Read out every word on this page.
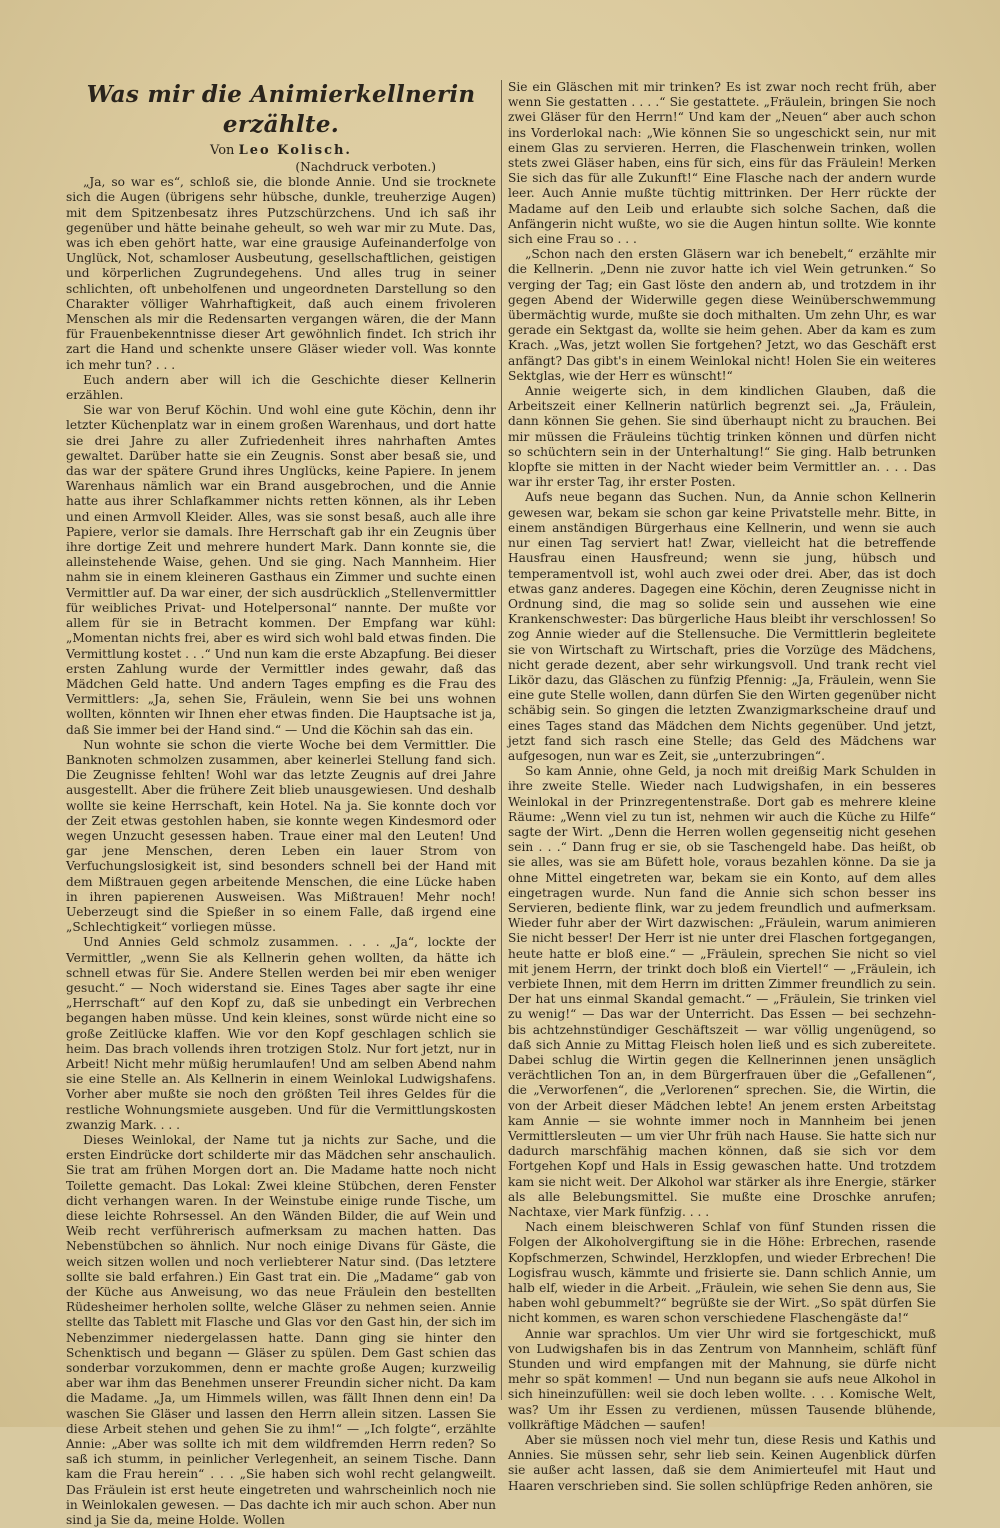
Was mir die Animierkellnerin erzählte.
Von Leo Kolisch.

(Nachdruck verboten.)

„Ja, so war es“, schloß sie, die blonde Annie. Und sie trocknete sich die Augen (übrigens sehr hübsche, dunkle, treuherzige Augen) mit dem Spitzenbesatz ihres Putzschürzchens. Und ich saß ihr gegenüber und hätte beinahe geheult, so weh war mir zu Mute. Das, was ich eben gehört hatte, war eine grausige Aufeinanderfolge von Unglück, Not, schamloser Ausbeutung, gesellschaftlichen, geistigen und körperlichen Zugrundegehens. Und alles trug in seiner schlichten, oft unbeholfenen und ungeordneten Darstellung so den Charakter völliger Wahrhaftigkeit, daß auch einem frivoleren Menschen als mir die Redensarten vergangen wären, die der Mann für Frauenbekenntnisse dieser Art gewöhnlich findet. Ich strich ihr zart die Hand und schenkte unsere Gläser wieder voll. Was konnte ich mehr tun? . . .

Euch andern aber will ich die Geschichte dieser Kellnerin erzählen.

Sie war von Beruf Köchin. Und wohl eine gute Köchin, denn ihr letzter Küchenplatz war in einem großen Warenhaus, und dort hatte sie drei Jahre zu aller Zufriedenheit ihres nahrhaften Amtes gewaltet. Darüber hatte sie ein Zeugnis. Sonst aber besaß sie, und das war der spätere Grund ihres Unglücks, keine Papiere. In jenem Warenhaus nämlich war ein Brand ausgebrochen, und die Annie hatte aus ihrer Schlafkammer nichts retten können, als ihr Leben und einen Armvoll Kleider. Alles, was sie sonst besaß, auch alle ihre Papiere, verlor sie damals. Ihre Herrschaft gab ihr ein Zeugnis über ihre dortige Zeit und mehrere hundert Mark. Dann konnte sie, die alleinstehende Waise, gehen. Und sie ging. Nach Mannheim. Hier nahm sie in einem kleineren Gasthaus ein Zimmer und suchte einen Vermittler auf. Da war einer, der sich ausdrücklich „Stellenvermittler für weibliches Privat- und Hotelpersonal“ nannte. Der mußte vor allem für sie in Betracht kommen. Der Empfang war kühl: „Momentan nichts frei, aber es wird sich wohl bald etwas finden. Die Vermittlung kostet . . .“ Und nun kam die erste Abzapfung. Bei dieser ersten Zahlung wurde der Vermittler indes gewahr, daß das Mädchen Geld hatte. Und andern Tages empfing es die Frau des Vermittlers: „Ja, sehen Sie, Fräulein, wenn Sie bei uns wohnen wollten, könnten wir Ihnen eher etwas finden. Die Hauptsache ist ja, daß Sie immer bei der Hand sind.“ — Und die Köchin sah das ein.

Nun wohnte sie schon die vierte Woche bei dem Vermittler. Die Banknoten schmolzen zusammen, aber keinerlei Stellung fand sich. Die Zeugnisse fehlten! Wohl war das letzte Zeugnis auf drei Jahre ausgestellt. Aber die frühere Zeit blieb unausgewiesen. Und deshalb wollte sie keine Herrschaft, kein Hotel. Na ja. Sie konnte doch vor der Zeit etwas gestohlen haben, sie konnte wegen Kindesmord oder wegen Unzucht gesessen haben. Traue einer mal den Leuten! Und gar jene Menschen, deren Leben ein lauer Strom von Verfuchungslosigkeit ist, sind besonders schnell bei der Hand mit dem Mißtrauen gegen arbeitende Menschen, die eine Lücke haben in ihren papierenen Ausweisen. Was Mißtrauen! Mehr noch! Ueberzeugt sind die Spießer in so einem Falle, daß irgend eine „Schlechtigkeit“ vorliegen müsse.

Und Annies Geld schmolz zusammen. . . . „Ja“, lockte der Vermittler, „wenn Sie als Kellnerin gehen wollten, da hätte ich schnell etwas für Sie. Andere Stellen werden bei mir eben weniger gesucht.“ — Noch widerstand sie. Eines Tages aber sagte ihr eine „Herrschaft“ auf den Kopf zu, daß sie unbedingt ein Verbrechen begangen haben müsse. Und kein kleines, sonst würde nicht eine so große Zeitlücke klaffen. Wie vor den Kopf geschlagen schlich sie heim. Das brach vollends ihren trotzigen Stolz. Nur fort jetzt, nur in Arbeit! Nicht mehr müßig herumlaufen! Und am selben Abend nahm sie eine Stelle an. Als Kellnerin in einem Weinlokal Ludwigshafens. Vorher aber mußte sie noch den größten Teil ihres Geldes für die restliche Wohnungsmiete ausgeben. Und für die Vermittlungskosten zwanzig Mark. . . .

Dieses Weinlokal, der Name tut ja nichts zur Sache, und die ersten Eindrücke dort schilderte mir das Mädchen sehr anschaulich. Sie trat am frühen Morgen dort an. Die Madame hatte noch nicht Toilette gemacht. Das Lokal: Zwei kleine Stübchen, deren Fenster dicht verhangen waren. In der Weinstube einige runde Tische, um diese leichte Rohrsessel. An den Wänden Bilder, die auf Wein und Weib recht verführerisch aufmerksam zu machen hatten. Das Nebenstübchen so ähnlich. Nur noch einige Divans für Gäste, die weich sitzen wollen und noch verliebterer Natur sind. (Das letztere sollte sie bald erfahren.) Ein Gast trat ein. Die „Madame“ gab von der Küche aus Anweisung, wo das neue Fräulein den bestellten Rüdesheimer herholen sollte, welche Gläser zu nehmen seien. Annie stellte das Tablett mit Flasche und Glas vor den Gast hin, der sich im Nebenzimmer niedergelassen hatte. Dann ging sie hinter den Schenktisch und begann — Gläser zu spülen. Dem Gast schien das sonderbar vorzukommen, denn er machte große Augen; kurzweilig aber war ihm das Benehmen unserer Freundin sicher nicht. Da kam die Madame. „Ja, um Himmels willen, was fällt Ihnen denn ein! Da waschen Sie Gläser und lassen den Herrn allein sitzen. Lassen Sie diese Arbeit stehen und gehen Sie zu ihm!“ — „Ich folgte“, erzählte Annie: „Aber was sollte ich mit dem wildfremden Herrn reden? So saß ich stumm, in peinlicher Verlegenheit, an seinem Tische. Dann kam die Frau herein“ . . . „Sie haben sich wohl recht gelangweilt. Das Fräulein ist erst heute eingetreten und wahrscheinlich noch nie in Weinlokalen gewesen. — Das dachte ich mir auch schon. Aber nun sind ja Sie da, meine Holde. Wollen

Sie ein Gläschen mit mir trinken? Es ist zwar noch recht früh, aber wenn Sie gestatten . . . .“ Sie gestattete. „Fräulein, bringen Sie noch zwei Gläser für den Herrn!“ Und kam der „Neuen“ aber auch schon ins Vorderlokal nach: „Wie können Sie so ungeschickt sein, nur mit einem Glas zu servieren. Herren, die Flaschenwein trinken, wollen stets zwei Gläser haben, eins für sich, eins für das Fräulein! Merken Sie sich das für alle Zukunft!“ Eine Flasche nach der andern wurde leer. Auch Annie mußte tüchtig mittrinken. Der Herr rückte der Madame auf den Leib und erlaubte sich solche Sachen, daß die Anfängerin nicht wußte, wo sie die Augen hintun sollte. Wie konnte sich eine Frau so . . .

„Schon nach den ersten Gläsern war ich benebelt,“ erzählte mir die Kellnerin. „Denn nie zuvor hatte ich viel Wein getrunken.“ So verging der Tag; ein Gast löste den andern ab, und trotzdem in ihr gegen Abend der Widerwille gegen diese Weinüberschwemmung übermächtig wurde, mußte sie doch mithalten. Um zehn Uhr, es war gerade ein Sektgast da, wollte sie heim gehen. Aber da kam es zum Krach. „Was, jetzt wollen Sie fortgehen? Jetzt, wo das Geschäft erst anfängt? Das gibt's in einem Weinlokal nicht! Holen Sie ein weiteres Sektglas, wie der Herr es wünscht!“

Annie weigerte sich, in dem kindlichen Glauben, daß die Arbeitszeit einer Kellnerin natürlich begrenzt sei. „Ja, Fräulein, dann können Sie gehen. Sie sind überhaupt nicht zu brauchen. Bei mir müssen die Fräuleins tüchtig trinken können und dürfen nicht so schüchtern sein in der Unterhaltung!“ Sie ging. Halb betrunken klopfte sie mitten in der Nacht wieder beim Vermittler an. . . . Das war ihr erster Tag, ihr erster Posten.

Aufs neue begann das Suchen. Nun, da Annie schon Kellnerin gewesen war, bekam sie schon gar keine Privatstelle mehr. Bitte, in einem anständigen Bürgerhaus eine Kellnerin, und wenn sie auch nur einen Tag serviert hat! Zwar, vielleicht hat die betreffende Hausfrau einen Hausfreund; wenn sie jung, hübsch und temperamentvoll ist, wohl auch zwei oder drei. Aber, das ist doch etwas ganz anderes. Dagegen eine Köchin, deren Zeugnisse nicht in Ordnung sind, die mag so solide sein und aussehen wie eine Krankenschwester: Das bürgerliche Haus bleibt ihr verschlossen! So zog Annie wieder auf die Stellensuche. Die Vermittlerin begleitete sie von Wirtschaft zu Wirtschaft, pries die Vorzüge des Mädchens, nicht gerade dezent, aber sehr wirkungsvoll. Und trank recht viel Likör dazu, das Gläschen zu fünfzig Pfennig: „Ja, Fräulein, wenn Sie eine gute Stelle wollen, dann dürfen Sie den Wirten gegenüber nicht schäbig sein. So gingen die letzten Zwanzigmarkscheine drauf und eines Tages stand das Mädchen dem Nichts gegenüber. Und jetzt, jetzt fand sich rasch eine Stelle; das Geld des Mädchens war aufgesogen, nun war es Zeit, sie „unterzubringen“.

So kam Annie, ohne Geld, ja noch mit dreißig Mark Schulden in ihre zweite Stelle. Wieder nach Ludwigshafen, in ein besseres Weinlokal in der Prinzregentenstraße. Dort gab es mehrere kleine Räume: „Wenn viel zu tun ist, nehmen wir auch die Küche zu Hilfe“ sagte der Wirt. „Denn die Herren wollen gegenseitig nicht gesehen sein . . .“ Dann frug er sie, ob sie Taschengeld habe. Das heißt, ob sie alles, was sie am Büfett hole, voraus bezahlen könne. Da sie ja ohne Mittel eingetreten war, bekam sie ein Konto, auf dem alles eingetragen wurde. Nun fand die Annie sich schon besser ins Servieren, bediente flink, war zu jedem freundlich und aufmerksam. Wieder fuhr aber der Wirt dazwischen: „Fräulein, warum animieren Sie nicht besser! Der Herr ist nie unter drei Flaschen fortgegangen, heute hatte er bloß eine.“ — „Fräulein, sprechen Sie nicht so viel mit jenem Herrn, der trinkt doch bloß ein Viertel!“ — „Fräulein, ich verbiete Ihnen, mit dem Herrn im dritten Zimmer freundlich zu sein. Der hat uns einmal Skandal gemacht.“ — „Fräulein, Sie trinken viel zu wenig!“ — Das war der Unterricht. Das Essen — bei sechzehn- bis achtzehnstündiger Geschäftszeit — war völlig ungenügend, so daß sich Annie zu Mittag Fleisch holen ließ und es sich zubereitete. Dabei schlug die Wirtin gegen die Kellnerinnen jenen unsäglich verächtlichen Ton an, in dem Bürgerfrauen über die „Gefallenen“, die „Verworfenen“, die „Verlorenen“ sprechen. Sie, die Wirtin, die von der Arbeit dieser Mädchen lebte! An jenem ersten Arbeitstag kam Annie — sie wohnte immer noch in Mannheim bei jenen Vermittlersleuten — um vier Uhr früh nach Hause. Sie hatte sich nur dadurch marschfähig machen können, daß sie sich vor dem Fortgehen Kopf und Hals in Essig gewaschen hatte. Und trotzdem kam sie nicht weit. Der Alkohol war stärker als ihre Energie, stärker als alle Belebungsmittel. Sie mußte eine Droschke anrufen; Nachtaxe, vier Mark fünfzig. . . .

Nach einem bleischweren Schlaf von fünf Stunden rissen die Folgen der Alkoholvergiftung sie in die Höhe: Erbrechen, rasende Kopfschmerzen, Schwindel, Herzklopfen, und wieder Erbrechen! Die Logisfrau wusch, kämmte und frisierte sie. Dann schlich Annie, um halb elf, wieder in die Arbeit. „Fräulein, wie sehen Sie denn aus, Sie haben wohl gebummelt?“ begrüßte sie der Wirt. „So spät dürfen Sie nicht kommen, es waren schon verschiedene Flaschengäste da!“

Annie war sprachlos. Um vier Uhr wird sie fortgeschickt, muß von Ludwigshafen bis in das Zentrum von Mannheim, schläft fünf Stunden und wird empfangen mit der Mahnung, sie dürfe nicht mehr so spät kommen! — Und nun begann sie aufs neue Alkohol in sich hineinzufüllen: weil sie doch leben wollte. . . . Komische Welt, was? Um ihr Essen zu verdienen, müssen Tausende blühende, vollkräftige Mädchen — saufen!

Aber sie müssen noch viel mehr tun, diese Resis und Kathis und Annies. Sie müssen sehr, sehr lieb sein. Keinen Augenblick dürfen sie außer acht lassen, daß sie dem Animierteufel mit Haut und Haaren verschrieben sind. Sie sollen schlüpfrige Reden anhören, sie
